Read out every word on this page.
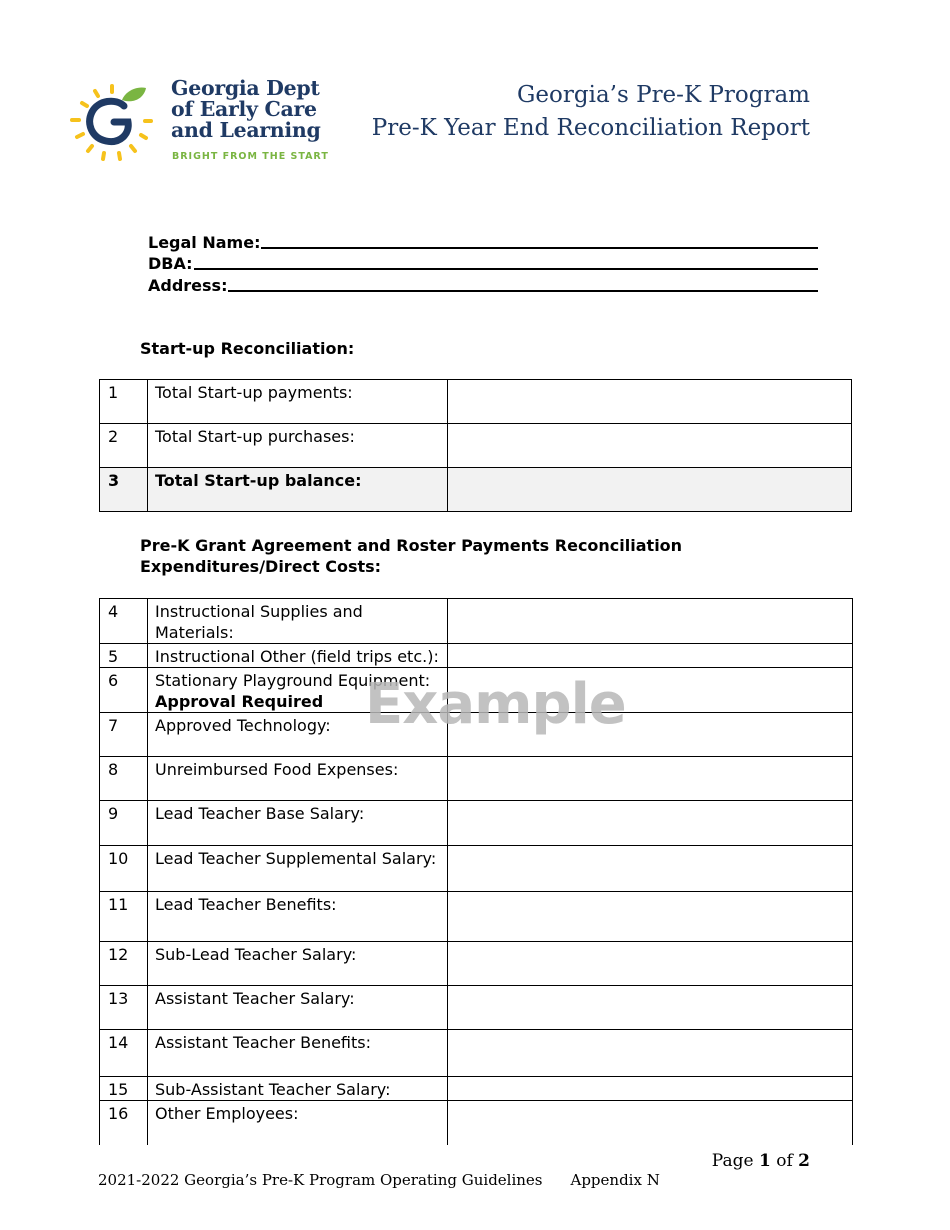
Georgia Dept
of Early Care
and Learning
BRIGHT FROM THE START
Georgia’s Pre-K Program
Pre-K Year End Reconciliation Report
Legal Name:
DBA:
Address:
Start-up Reconciliation:
1	Total Start-up payments:	
2	Total Start-up purchases:	
3	Total Start-up balance:	
Pre-K Grant Agreement and Roster Payments Reconciliation
Expenditures/Direct Costs:
4	Instructional Supplies and Materials:	
5	Instructional Other (field trips etc.):	
6	Stationary Playground Equipment:
Approval Required	

7	Approved Technology:	
8	Unreimbursed Food Expenses:	
9	Lead Teacher Base Salary:	
10	Lead Teacher Supplemental Salary:	
11	Lead Teacher Benefits:	
12	Sub-Lead Teacher Salary:	
13	Assistant Teacher Salary:	
14	Assistant Teacher Benefits:	
15	Sub-Assistant Teacher Salary:	
16	Other Employees:	
Example
Page 1 of 2
2021-2022 Georgia’s Pre-K Program Operating Guidelines Appendix N
